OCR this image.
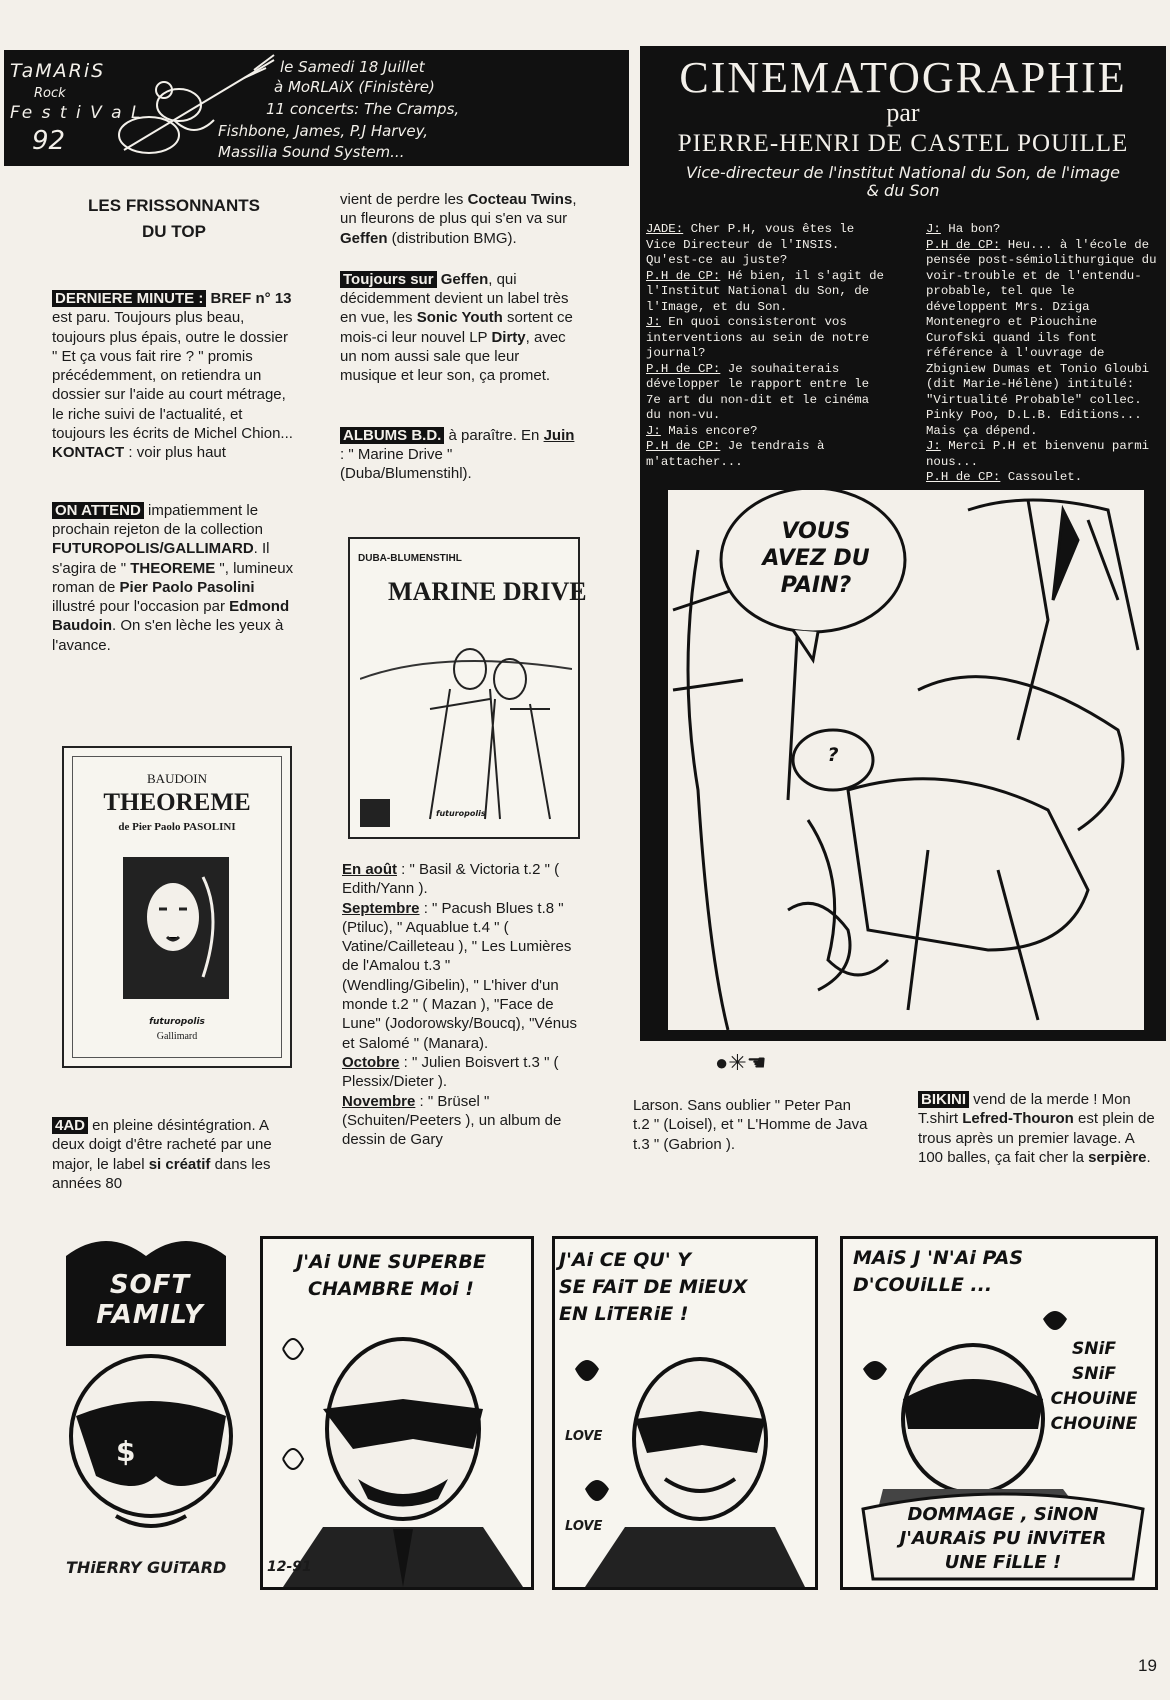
TaMARiS
Rock
Fe s t i V a L
92
le Samedi 18 Juillet
à MoRLAiX (Finistère)
11 concerts: The Cramps,
Fishbone, James, P.J Harvey,
Massilia Sound System...
CINEMATOGRAPHIE
par
PIERRE-HENRI DE CASTEL POUILLE
Vice-directeur de l'institut National du Son, de l'image
& du Son

JADE: Cher P.H, vous êtes le Vice Directeur de l'INSIS. Qu'est-ce au juste?

P.H de CP: Hé bien, il s'agit de l'Institut National du Son, de l'Image, et du Son.

J: En quoi consisteront vos interventions au sein de notre journal?

P.H de CP: Je souhaiterais développer le rapport entre le 7e art du non-dit et le cinéma du non-vu.

J: Mais encore?

P.H de CP: Je tendrais à m'attacher...

J: Ha bon?

P.H de CP: Heu... à l'école de pensée post-sémiolithurgique du voir-trouble et de l'entendu-probable, tel que le développent Mrs. Dziga Montenegro et Piouchine Curofski quand ils font référence à l'ouvrage de Zbigniew Dumas et Tonio Gloubi (dit Marie-Hélène) intitulé: "Virtualité Probable" collec. Pinky Poo, D.L.B. Editions... Mais ça dépend.

J: Merci P.H et bienvenu parmi nous...

P.H de CP: Cassoulet.

VOUS
AVEZ DU
PAIN?
?
●✳☚
LES FRISSONNANTS
DU TOP

DERNIERE MINUTE : BREF n° 13 est paru. Toujours plus beau, toujours plus épais, outre le dossier " Et ça vous fait rire ? " promis précédemment, on retiendra un dossier sur l'aide au court métrage, le riche suivi de l'actualité, et toujours les écrits de Michel Chion...
KONTACT : voir plus haut

ON ATTEND impatiemment le prochain rejeton de la collection FUTUROPOLIS/GALLIMARD. Il s'agira de " THEOREME ", lumineux roman de Pier Paolo Pasolini illustré pour l'occasion par Edmond Baudoin. On s'en lèche les yeux à l'avance.

BAUDOIN
THEOREME
de Pier Paolo PASOLINI
futuropolis
Gallimard

4AD en pleine désintégration. A deux doigt d'être racheté par une major, le label si créatif dans les années 80

vient de perdre les Cocteau Twins, un fleurons de plus qui s'en va sur Geffen (distribution BMG).

Toujours sur Geffen, qui décidemment devient un label très en vue, les Sonic Youth sortent ce mois-ci leur nouvel LP Dirty, avec un nom aussi sale que leur musique et leur son, ça promet.

ALBUMS B.D. à paraître. En Juin : " Marine Drive " (Duba/Blumenstihl).

DUBA-BLUMENSTIHL
MARINE DRIVE
futuropolis

En août : " Basil & Victoria t.2 " ( Edith/Yann ).

Septembre : " Pacush Blues t.8 " (Ptiluc), " Aquablue t.4 " ( Vatine/Cailleteau ), " Les Lumières de l'Amalou t.3 " (Wendling/Gibelin), " L'hiver d'un monde t.2 " ( Mazan ), "Face de Lune" (Jodorowsky/Boucq), "Vénus et Salomé " (Manara).

Octobre : " Julien Boisvert t.3 " ( Plessix/Dieter ).

Novembre : " Brüsel " (Schuiten/Peeters ), un album de dessin de Gary

Larson. Sans oublier " Peter Pan t.2 " (Loisel), et " L'Homme de Java t.3 " (Gabrion ).

BIKINI vend de la merde ! Mon T.shirt Lefred-Thouron est plein de trous après un premier lavage. A 100 balles, ça fait cher la serpière.

$
SOFT FAMILY
THiERRY GUiTARD
J'Ai UNE SUPERBE
CHAMBRE Moi !
12-91
J'Ai CE QU' Y
SE FAiT DE MiEUX
EN LiTERiE !
LOVE
LOVE
MAiS J 'N'Ai PAS
D'COUiLLE ...
SNiF
SNiF
CHOUiNE
CHOUiNE
DOMMAGE , SiNON
J'AURAiS PU iNViTER
UNE FiLLE !
19
